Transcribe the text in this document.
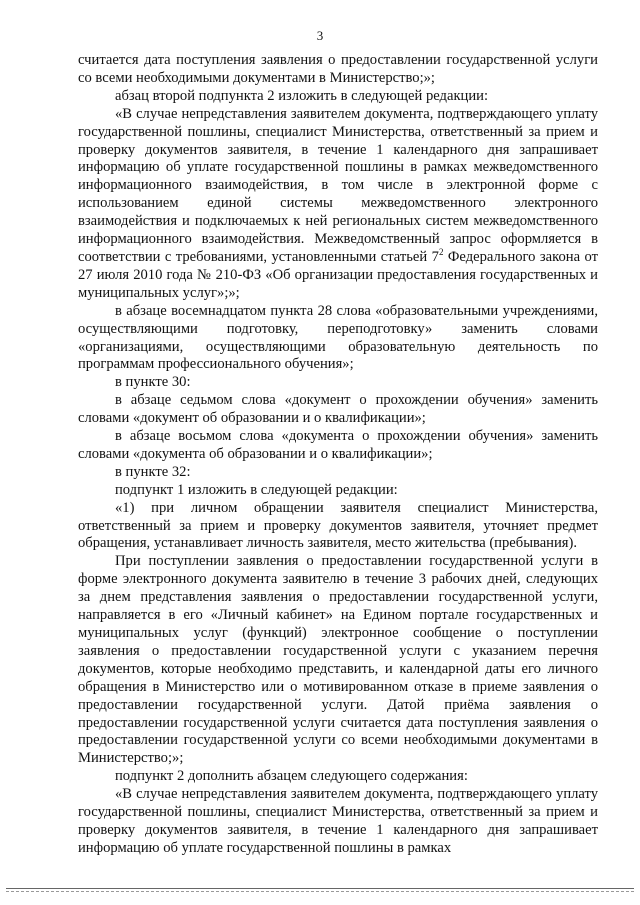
3

считается дата поступления заявления о предоставлении государственной услуги со всеми необходимыми документами в Министерство;»;

абзац второй подпункта 2 изложить в следующей редакции:

«В случае непредставления заявителем документа, подтверждающего уплату государственной пошлины, специалист Министерства, ответственный за прием и проверку документов заявителя, в течение 1 календарного дня запрашивает информацию об уплате государственной пошлины в рамках межведомственного информационного взаимодействия, в том числе в электронной форме с использованием единой системы межведомственного электронного взаимодействия и подключаемых к ней региональных систем межведомственного информационного взаимодействия. Межведомственный запрос оформляется в соответствии с требованиями, установленными статьей $7^2$ Федерального закона от 27 июля 2010 года № 210-ФЗ «Об организации предоставления государственных и муниципальных услуг»;»;

в абзаце восемнадцатом пункта 28 слова «образовательными учреждениями, осуществляющими подготовку, переподготовку» заменить словами «организациями, осуществляющими образовательную деятельность по программам профессионального обучения»;

в пункте 30:

в абзаце седьмом слова «документ о прохождении обучения» заменить словами «документ об образовании и о квалификации»;

в абзаце восьмом слова «документа о прохождении обучения» заменить словами «документа об образовании и о квалификации»;

в пункте 32:

подпункт 1 изложить в следующей редакции:

«1) при личном обращении заявителя специалист Министерства, ответственный за прием и проверку документов заявителя, уточняет предмет обращения, устанавливает личность заявителя, место жительства (пребывания).

При поступлении заявления о предоставлении государственной услуги в форме электронного документа заявителю в течение 3 рабочих дней, следующих за днем представления заявления о предоставлении государственной услуги, направляется в его «Личный кабинет» на Едином портале государственных и муниципальных услуг (функций) электронное сообщение о поступлении заявления о предоставлении государственной услуги с указанием перечня документов, которые необходимо представить, и календарной даты его личного обращения в Министерство или о мотивированном отказе в приеме заявления о предоставлении государственной услуги. Датой приёма заявления о предоставлении государственной услуги считается дата поступления заявления о предоставлении государственной услуги со всеми необходимыми документами в Министерство;»;

подпункт 2 дополнить абзацем следующего содержания:

«В случае непредставления заявителем документа, подтверждающего уплату государственной пошлины, специалист Министерства, ответственный за прием и проверку документов заявителя, в течение 1 календарного дня запрашивает информацию об уплате государственной пошлины в рамках
